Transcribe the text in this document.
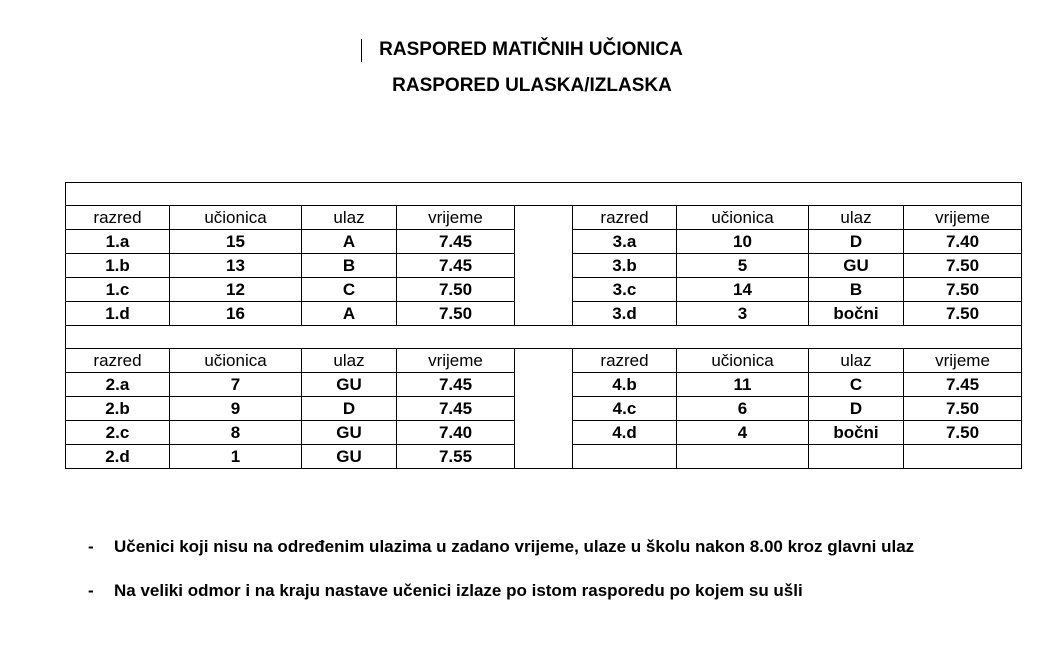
RASPORED MATIČNIH UČIONICA
RASPORED ULASKA/IZLASKA

razred	učionica	ulaz	vrijeme		razred	učionica	ulaz	vrijeme
1.a	15	A	7.45		3.a	10	D	7.40
1.b	13	B	7.45		3.b	5	GU	7.50
1.c	12	C	7.50		3.c	14	B	7.50
1.d	16	A	7.50		3.d	3	bočni	7.50

razred	učionica	ulaz	vrijeme		razred	učionica	ulaz	vrijeme
2.a	7	GU	7.45		4.b	11	C	7.45
2.b	9	D	7.45		4.c	6	D	7.50
2.c	8	GU	7.40		4.d	4	bočni	7.50
2.d	1	GU	7.55					
- Učenici koji nisu na određenim ulazima u zadano vrijeme, ulaze u školu nakon 8.00 kroz glavni ulaz
- Na veliki odmor i na kraju nastave učenici izlaze po istom rasporedu po kojem su ušli
